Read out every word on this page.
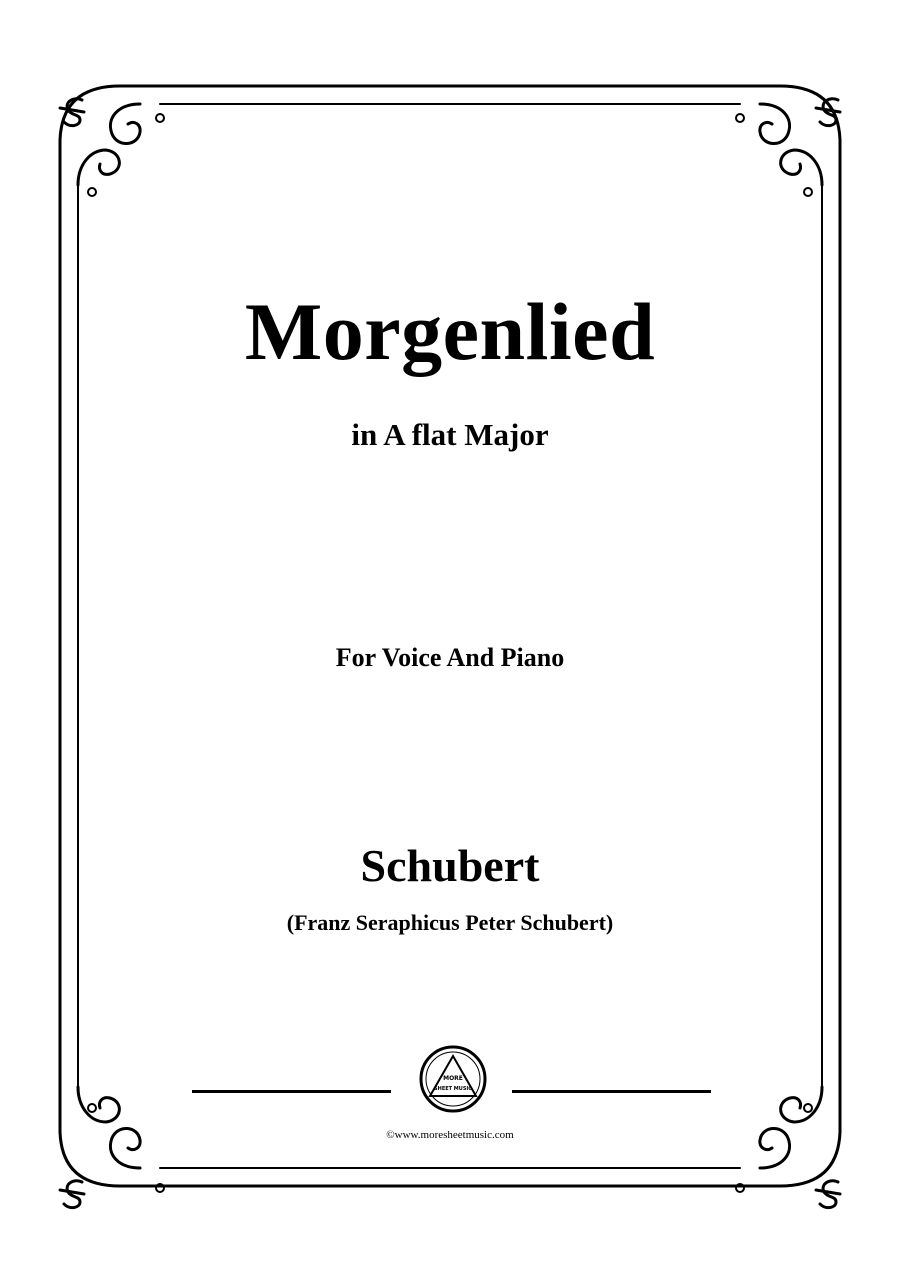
Morgenlied
in A flat Major
For Voice And Piano
Schubert
(Franz Seraphicus Peter Schubert)
MORE
SHEET MUSIC
©www.moresheetmusic.com
